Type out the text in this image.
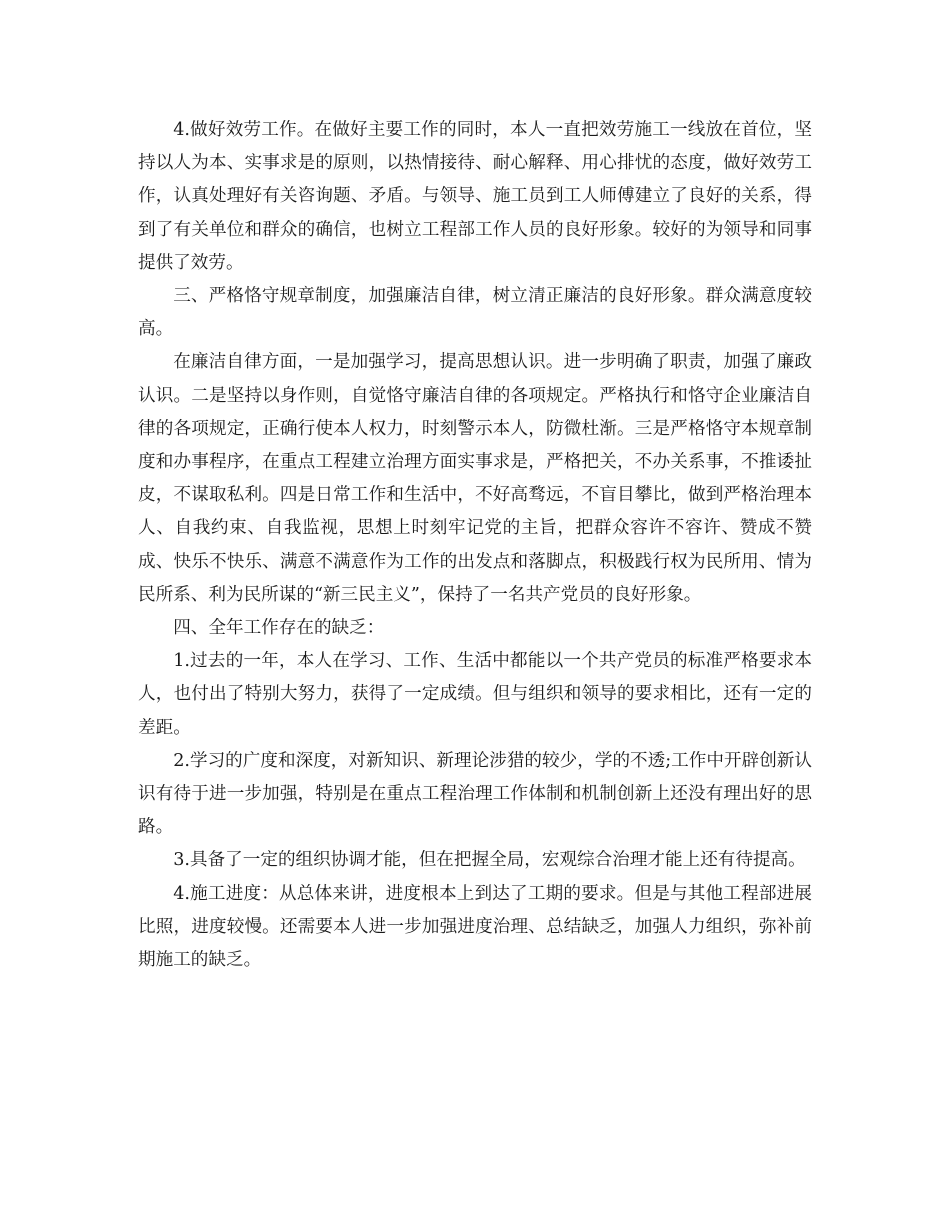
4.做好效劳工作。在做好主要工作的同时，本人一直把效劳施工一线放在首位，坚持以人为本、实事求是的原则，以热情接待、耐心解释、用心排忧的态度，做好效劳工作，认真处理好有关咨询题、矛盾。与领导、施工员到工人师傅建立了良好的关系，得到了有关单位和群众的确信，也树立工程部工作人员的良好形象。较好的为领导和同事提供了效劳。

三、严格恪守规章制度，加强廉洁自律，树立清正廉洁的良好形象。群众满意度较高。

在廉洁自律方面，一是加强学习，提高思想认识。进一步明确了职责，加强了廉政认识。二是坚持以身作则，自觉恪守廉洁自律的各项规定。严格执行和恪守企业廉洁自律的各项规定，正确行使本人权力，时刻警示本人，防微杜渐。三是严格恪守本规章制度和办事程序，在重点工程建立治理方面实事求是，严格把关，不办关系事，不推诿扯皮，不谋取私利。四是日常工作和生活中，不好高骛远，不盲目攀比，做到严格治理本人、自我约束、自我监视，思想上时刻牢记党的主旨，把群众容许不容许、赞成不赞成、快乐不快乐、满意不满意作为工作的出发点和落脚点，积极践行权为民所用、情为民所系、利为民所谋的“新三民主义”，保持了一名共产党员的良好形象。

四、全年工作存在的缺乏：

1.过去的一年，本人在学习、工作、生活中都能以一个共产党员的标准严格要求本人，也付出了特别大努力，获得了一定成绩。但与组织和领导的要求相比，还有一定的差距。

2.学习的广度和深度，对新知识、新理论涉猎的较少，学的不透;工作中开辟创新认识有待于进一步加强，特别是在重点工程治理工作体制和机制创新上还没有理出好的思路。

3.具备了一定的组织协调才能，但在把握全局，宏观综合治理才能上还有待提高。

4.施工进度：从总体来讲，进度根本上到达了工期的要求。但是与其他工程部进展比照，进度较慢。还需要本人进一步加强进度治理、总结缺乏，加强人力组织，弥补前期施工的缺乏。
